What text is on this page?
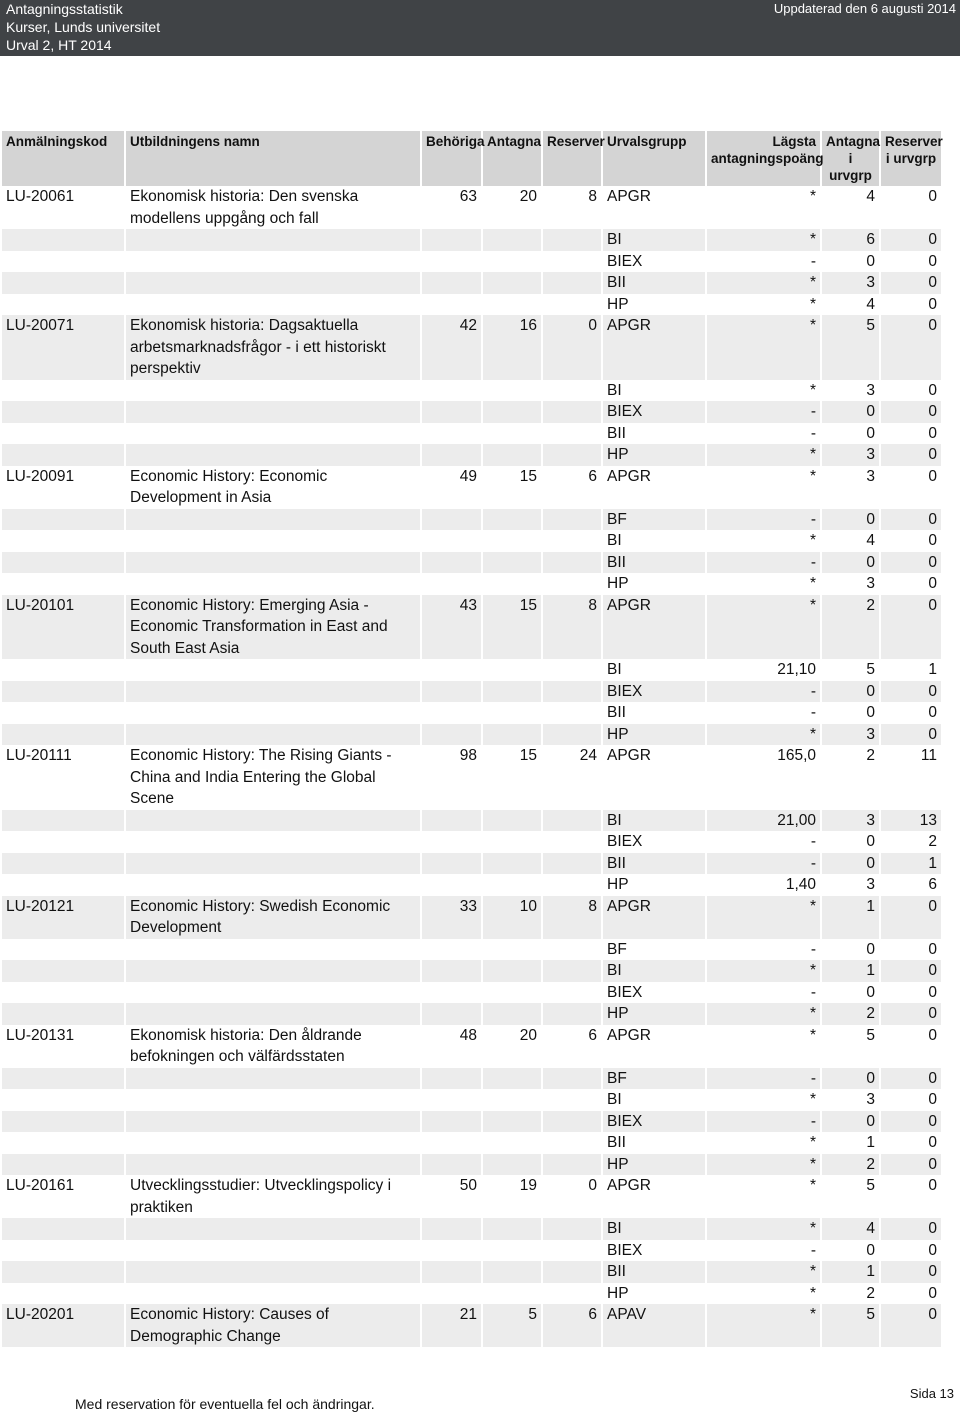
Antagningsstatistik
Kurser, Lunds universitet
Urval 2, HT 2014
Uppdaterad den 6 augusti 2014
Anmälningskod	Utbildningens namn	Behöriga	Antagna	Reserver	Urvalsgrupp	Lägsta antagningspoäng	Antagna i urvgrp	Reserver i urvgrp
LU-20061	Ekonomisk historia: Den svenska modellens uppgång och fall	63	20	8	APGR	*	4	0
					BI	*	6	0
					BIEX	-	0	0
					BII	*	3	0
					HP	*	4	0
LU-20071	Ekonomisk historia: Dagsaktuella arbetsmarknadsfrågor - i ett historiskt perspektiv	42	16	0	APGR	*	5	0
					BI	*	3	0
					BIEX	-	0	0
					BII	-	0	0
					HP	*	3	0
LU-20091	Economic History: Economic Development in Asia	49	15	6	APGR	*	3	0
					BF	-	0	0
					BI	*	4	0
					BII	-	0	0
					HP	*	3	0
LU-20101	Economic History: Emerging Asia - Economic Transformation in East and South East Asia	43	15	8	APGR	*	2	0
					BI	21,10	5	1
					BIEX	-	0	0
					BII	-	0	0
					HP	*	3	0
LU-20111	Economic History: The Rising Giants - China and India Entering the Global Scene	98	15	24	APGR	165,0	2	11
					BI	21,00	3	13
					BIEX	-	0	2
					BII	-	0	1
					HP	1,40	3	6
LU-20121	Economic History: Swedish Economic Development	33	10	8	APGR	*	1	0
					BF	-	0	0
					BI	*	1	0
					BIEX	-	0	0
					HP	*	2	0
LU-20131	Ekonomisk historia: Den åldrande befokningen och välfärdsstaten	48	20	6	APGR	*	5	0
					BF	-	0	0
					BI	*	3	0
					BIEX	-	0	0
					BII	*	1	0
					HP	*	2	0
LU-20161	Utvecklingsstudier: Utvecklingspolicy i praktiken	50	19	0	APGR	*	5	0
					BI	*	4	0
					BIEX	-	0	0
					BII	*	1	0
					HP	*	2	0
LU-20201	Economic History: Causes of Demographic Change	21	5	6	APAV	*	5	0
Med reservation för eventuella fel och ändringar.
Sida 13
